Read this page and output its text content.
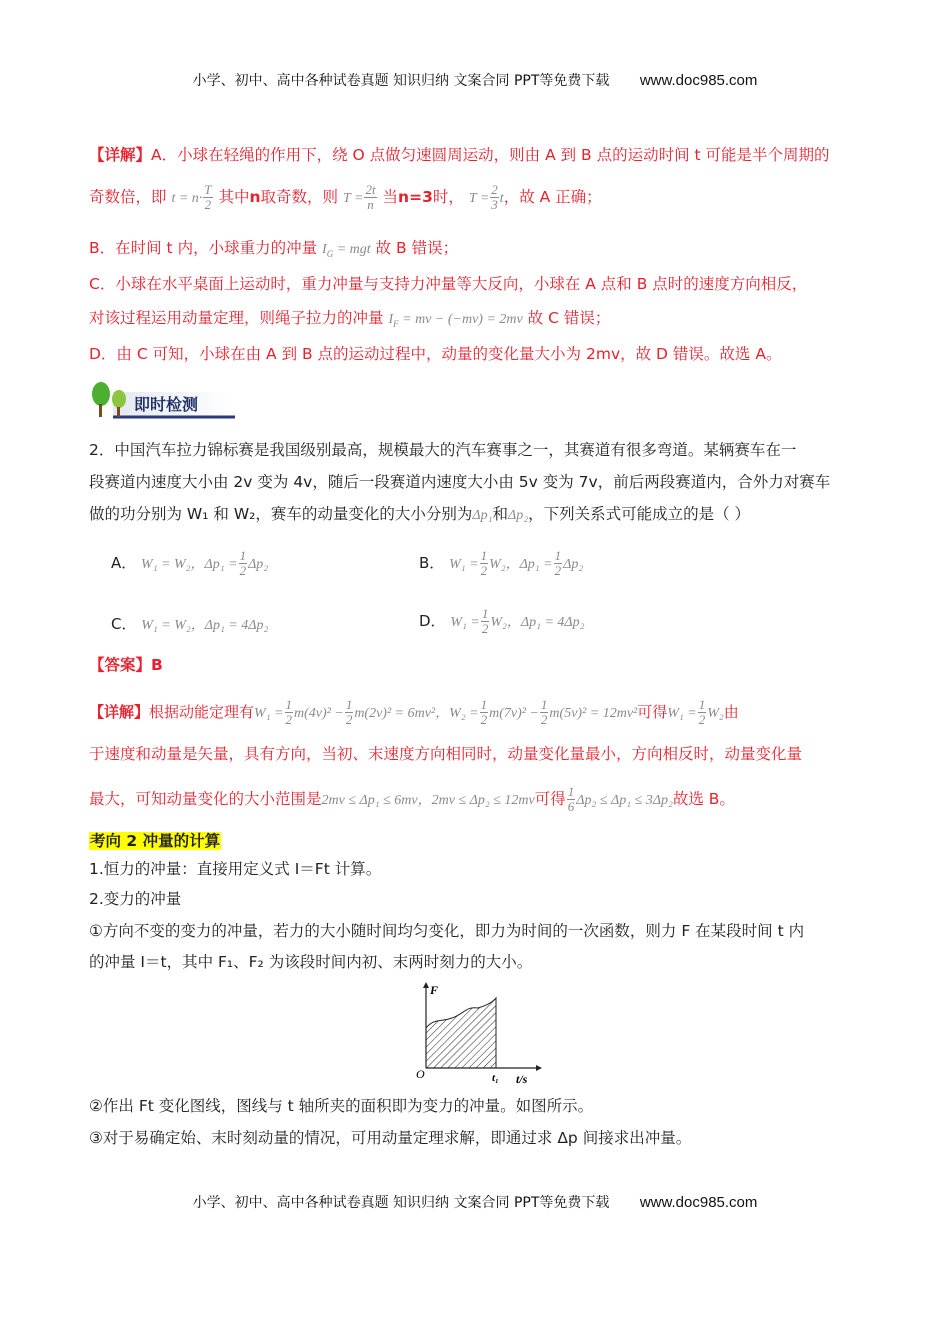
小学、初中、高中各种试卷真题 知识归纳 文案合同 PPT等免费下载 www.doc985.com
【详解】A．小球在轻绳的作用下，绕 O 点做匀速圆周运动，则由 A 到 B 点的运动时间 t 可能是半个周期的
奇数倍，即 $t = n\cdot \frac{T}{2}$ 其中n取奇数，则 $T = \frac{2t}{n}$ 当n=3时， $T = \frac{2}{3}$ t，故 A 正确；
B．在时间 t 内，小球重力的冲量 $I_G$ = mgt 故 B 错误；
C．小球在水平桌面上运动时，重力冲量与支持力冲量等大反向，小球在 A 点和 B 点时的速度方向相反，
对该过程运用动量定理，则绳子拉力的冲量 $I_F$ = mv − (−mv) = 2mv 故 C 错误；
D．由 C 可知，小球在由 A 到 B 点的运动过程中，动量的变化量大小为 2mv，故 D 错误。故选 A。
即时检测
2．中国汽车拉力锦标赛是我国级别最高，规模最大的汽车赛事之一，其赛道有很多弯道。某辆赛车在一
段赛道内速度大小由 2v 变为 4v，随后一段赛道内速度大小由 5v 变为 7v，前后两段赛道内，合外力对赛车
做的功分别为 W₁ 和 W₂，赛车的动量变化的大小分别为Δp₁和Δp₂，下列关系式可能成立的是（ ）
A． W₁ = W₂，$\Delta p_1 = \frac{1}{2} \Delta p_2$	B． $W_1 = \frac{1}{2} W_2$，$\Delta p_1 = \frac{1}{2} \Delta p_2$
C． W₁ = W₂，Δp₁ = 4Δp₂	D． $W_1 = \frac{1}{2} W_2$，Δp₁ = 4Δp₂
【答案】B
【详解】根据动能定理有$W_1 = \frac{1}{2} m(4v)^2 - \frac{1}{2} m(2v)^2 = 6mv^2$，$W_2 = \frac{1}{2} m(7v)^2 - \frac{1}{2} m(5v)^2 = 12mv^2$可得$W_1 = \frac{1}{2} W_2$由
于速度和动量是矢量，具有方向，当初、末速度方向相同时，动量变化量最小，方向相反时，动量变化量
最大，可知动量变化的大小范围是2mv ≤ Δp₁ ≤ 6mv，2mv ≤ Δp₂ ≤ 12mv可得 $\frac{1}{6} \Delta p_2 \le \Delta p_1 \le 3\Delta p_2$故选 B。
考向 2 冲量的计算
1.恒力的冲量：直接用定义式 I＝Ft 计算。
2.变力的冲量
①方向不变的变力的冲量，若力的大小随时间均匀变化，即力为时间的一次函数，则力 F 在某段时间 t 内
的冲量 I＝t，其中 F₁、F₂ 为该段时间内初、末两时刻力的大小。
F
O	t₁ t/s
②作出 Ft 变化图线，图线与 t 轴所夹的面积即为变力的冲量。如图所示。
③对于易确定始、末时刻动量的情况，可用动量定理求解，即通过求 Δp 间接求出冲量。
小学、初中、高中各种试卷真题 知识归纳 文案合同 PPT等免费下载 www.doc985.com
